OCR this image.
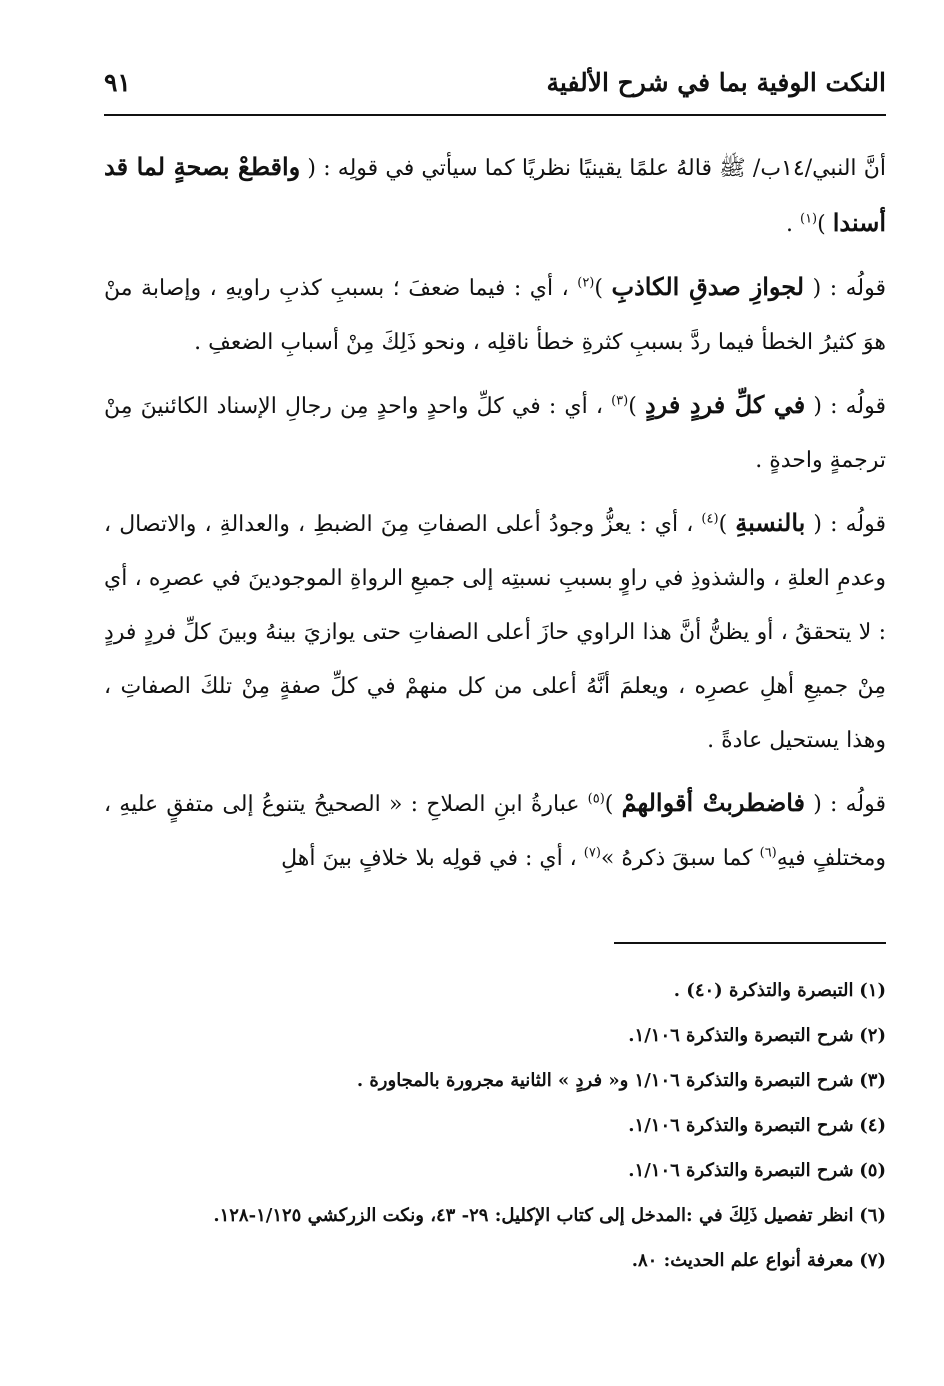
النكت الوفية بما في شرح الألفية
٩١

أنَّ النبي/١٤ب/ ﷺ قالهُ علمًا يقينيًا نظريًا كما سيأتي في قولِه : ( واقطعْ بصحةٍ لما قد أسندا )$^{(١)}$ .

قولُه : ( لجوازِ صدقِ الكاذبِ )$^{(٢)}$ ، أي : فيما ضعفَ ؛ بسببِ كذبِ راويهِ ، وإصابة منْ هوَ كثيرُ الخطأ فيما ردَّ بسببِ كثرةِ خطأ ناقلِه ، ونحو ذَلِكَ مِنْ أسبابِ الضعفِ .

قولُه : ( في كلِّ فردٍ فردٍ )$^{(٣)}$ ، أي : في كلِّ واحدٍ واحدٍ مِن رجالِ الإسناد الكائنينَ مِنْ ترجمةٍ واحدةٍ .

قولُه : ( بالنسبةِ )$^{(٤)}$ ، أي : يعزُّ وجودُ أعلى الصفاتِ مِنَ الضبطِ ، والعدالةِ ، والاتصال ، وعدمِ العلةِ ، والشذوذِ في راوٍ بسببِ نسبتِه إلى جميعِ الرواةِ الموجودينَ في عصرِه ، أي : لا يتحققُ ، أو يظنُّ أنَّ هذا الراوي حازَ أعلى الصفاتِ حتى يوازيَ بينهُ وبينَ كلِّ فردٍ فردٍ مِنْ جميعِ أهلِ عصرِه ، ويعلمَ أنَّهُ أعلى من كل منهمْ في كلِّ صفةٍ مِنْ تلكَ الصفاتِ ، وهذا يستحيل عادةً .

قولُه : ( فاضطربتْ أقوالهمْ )$^{(٥)}$ عبارةُ ابنِ الصلاحِ : « الصحيحُ يتنوعُ إلى متفقٍ عليهِ ، ومختلفٍ فيهِ$^{(٦)}$ كما سبقَ ذكرهُ »$^{(٧)}$ ، أي : في قولِه بلا خلافٍ بينَ أهلِ

(١) التبصرة والتذكرة (٤٠) .

(٢) شرح التبصرة والتذكرة ١/١٠٦.

(٣) شرح التبصرة والتذكرة ١/١٠٦ و« فردٍ » الثانية مجرورة بالمجاورة .

(٤) شرح التبصرة والتذكرة ١/١٠٦.

(٥) شرح التبصرة والتذكرة ١/١٠٦.

(٦) انظر تفصيل ذَلِكَ في :المدخل إلى كتاب الإكليل: ٢٩- ٤٣، ونكت الزركشي ١/١٢٥-١٢٨.

(٧) معرفة أنواع علم الحديث: ٨٠.
